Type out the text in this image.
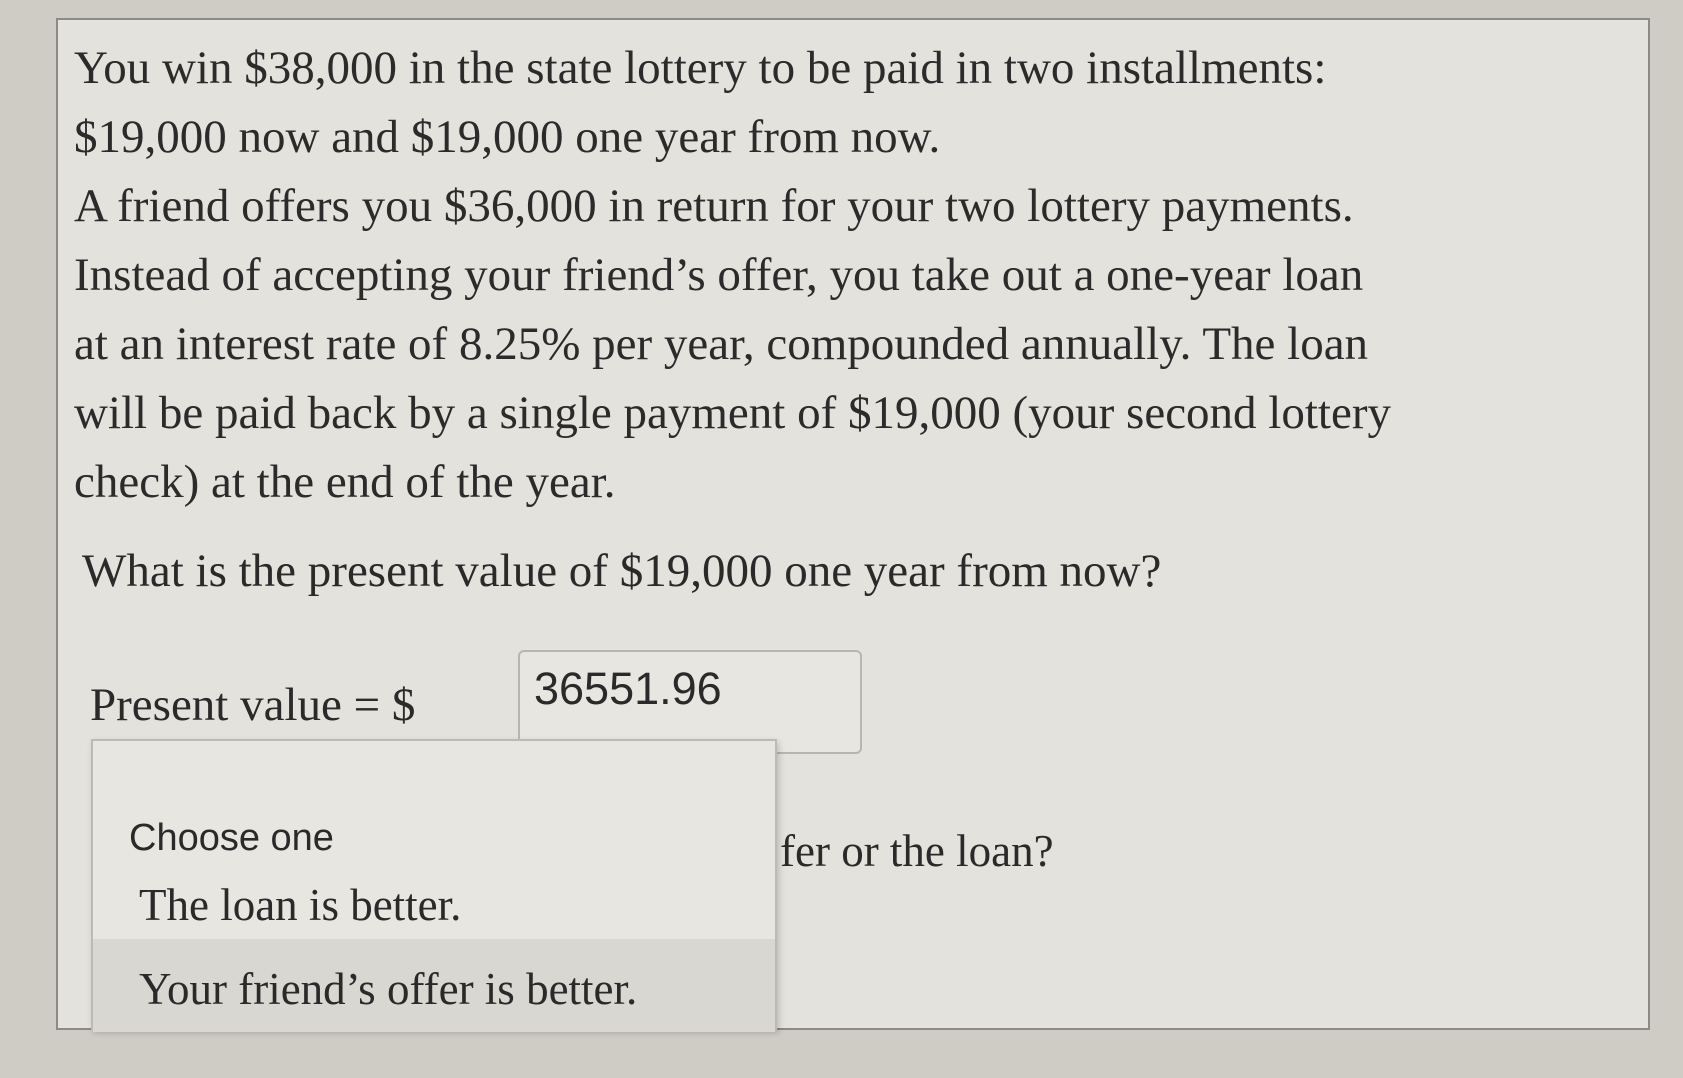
You win $38,000 in the state lottery to be paid in two installments:
$19,000 now and $19,000 one year from now.
A friend offers you $36,000 in return for your two lottery payments.
Instead of accepting your friend’s offer, you take out a one-year loan
at an interest rate of 8.25% per year, compounded annually. The loan
will be paid back by a single payment of $19,000 (your second lottery
check) at the end of the year.

What is the present value of $19,000 one year from now?

Present value = $	36551.96

fer or the loan?

Choose one
The loan is better.
Your friend’s offer is better.
